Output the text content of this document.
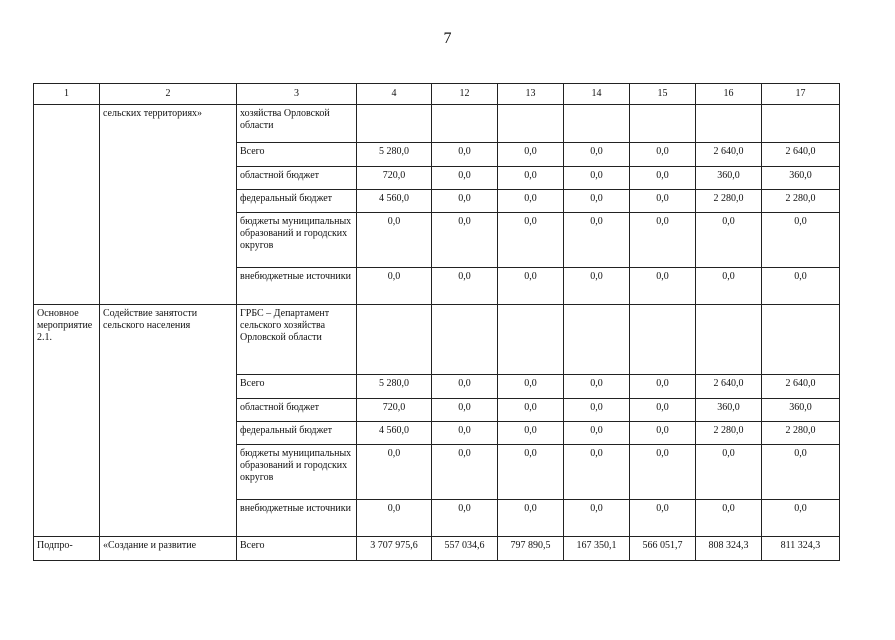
7
1	2	3	4	12	13	14	15	16	17
	сельских территориях»	хозяйства Орловской области							
		Всего	5 280,0	0,0	0,0	0,0	0,0	2 640,0	2 640,0
		областной бюджет	720,0	0,0	0,0	0,0	0,0	360,0	360,0
		федеральный бюджет	4 560,0	0,0	0,0	0,0	0,0	2 280,0	2 280,0
		бюджеты муниципальных образований и городских округов	0,0	0,0	0,0	0,0	0,0	0,0	0,0
		внебюджетные источники	0,0	0,0	0,0	0,0	0,0	0,0	0,0
Основное мероприятие 2.1.	Содействие занятости сельского населения	ГРБС – Департамент сельского хозяйства Орловской области							
		Всего	5 280,0	0,0	0,0	0,0	0,0	2 640,0	2 640,0
		областной бюджет	720,0	0,0	0,0	0,0	0,0	360,0	360,0
		федеральный бюджет	4 560,0	0,0	0,0	0,0	0,0	2 280,0	2 280,0
		бюджеты муниципальных образований и городских округов	0,0	0,0	0,0	0,0	0,0	0,0	0,0
		внебюджетные источники	0,0	0,0	0,0	0,0	0,0	0,0	0,0
Подпро-	«Создание и развитие	Всего	3 707 975,6	557 034,6	797 890,5	167 350,1	566 051,7	808 324,3	811 324,3
